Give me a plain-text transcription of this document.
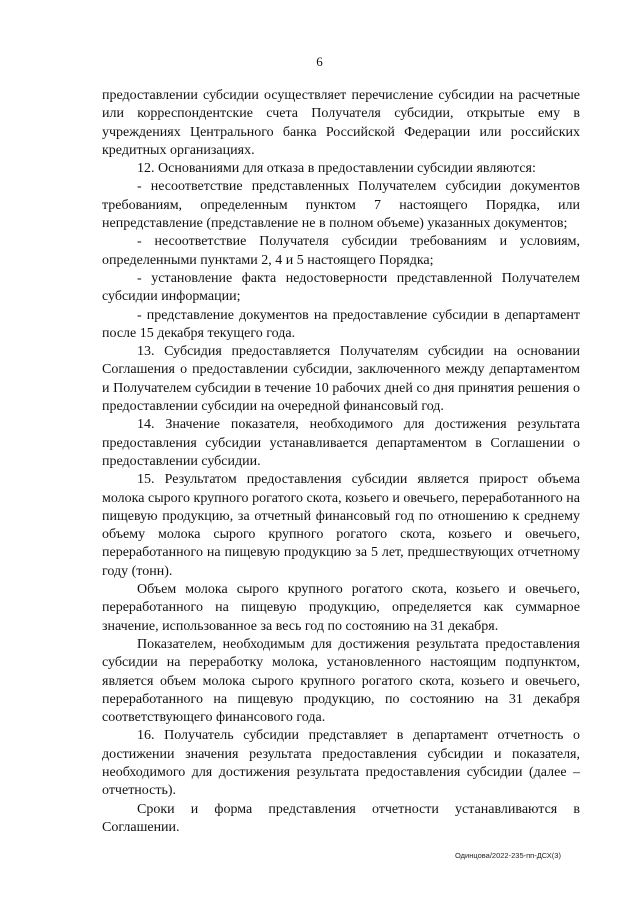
6

предоставлении субсидии осуществляет перечисление субсидии на расчетные или корреспондентские счета Получателя субсидии, открытые ему в учреждениях Центрального банка Российской Федерации или российских кредитных организациях.

12. Основаниями для отказа в предоставлении субсидии являются:

- несоответствие представленных Получателем субсидии документов требованиям, определенным пунктом 7 настоящего Порядка, или непредставление (представление не в полном объеме) указанных документов;

- несоответствие Получателя субсидии требованиям и условиям, определенными пунктами 2, 4 и 5 настоящего Порядка;

- установление факта недостоверности представленной Получателем субсидии информации;

- представление документов на предоставление субсидии в департамент после 15 декабря текущего года.

13. Субсидия предоставляется Получателям субсидии на основании Соглашения о предоставлении субсидии, заключенного между департаментом и Получателем субсидии в течение 10 рабочих дней со дня принятия решения о предоставлении субсидии на очередной финансовый год.

14. Значение показателя, необходимого для достижения результата предоставления субсидии устанавливается департаментом в Соглашении о предоставлении субсидии.

15. Результатом предоставления субсидии является прирост объема молока сырого крупного рогатого скота, козьего и овечьего, переработанного на пищевую продукцию, за отчетный финансовый год по отношению к среднему объему молока сырого крупного рогатого скота, козьего и овечьего, переработанного на пищевую продукцию за 5 лет, предшествующих отчетному году (тонн).

Объем молока сырого крупного рогатого скота, козьего и овечьего, переработанного на пищевую продукцию, определяется как суммарное значение, использованное за весь год по состоянию на 31 декабря.

Показателем, необходимым для достижения результата предоставления субсидии на переработку молока, установленного настоящим подпунктом, является объем молока сырого крупного рогатого скота, козьего и овечьего, переработанного на пищевую продукцию, по состоянию на 31 декабря соответствующего финансового года.

16. Получатель субсидии представляет в департамент отчетность о достижении значения результата предоставления субсидии и показателя, необходимого для достижения результата предоставления субсидии (далее – отчетность).

Сроки и форма представления отчетности устанавливаются в Соглашении.

Одинцова/2022-235-пп-ДСХ(3)
